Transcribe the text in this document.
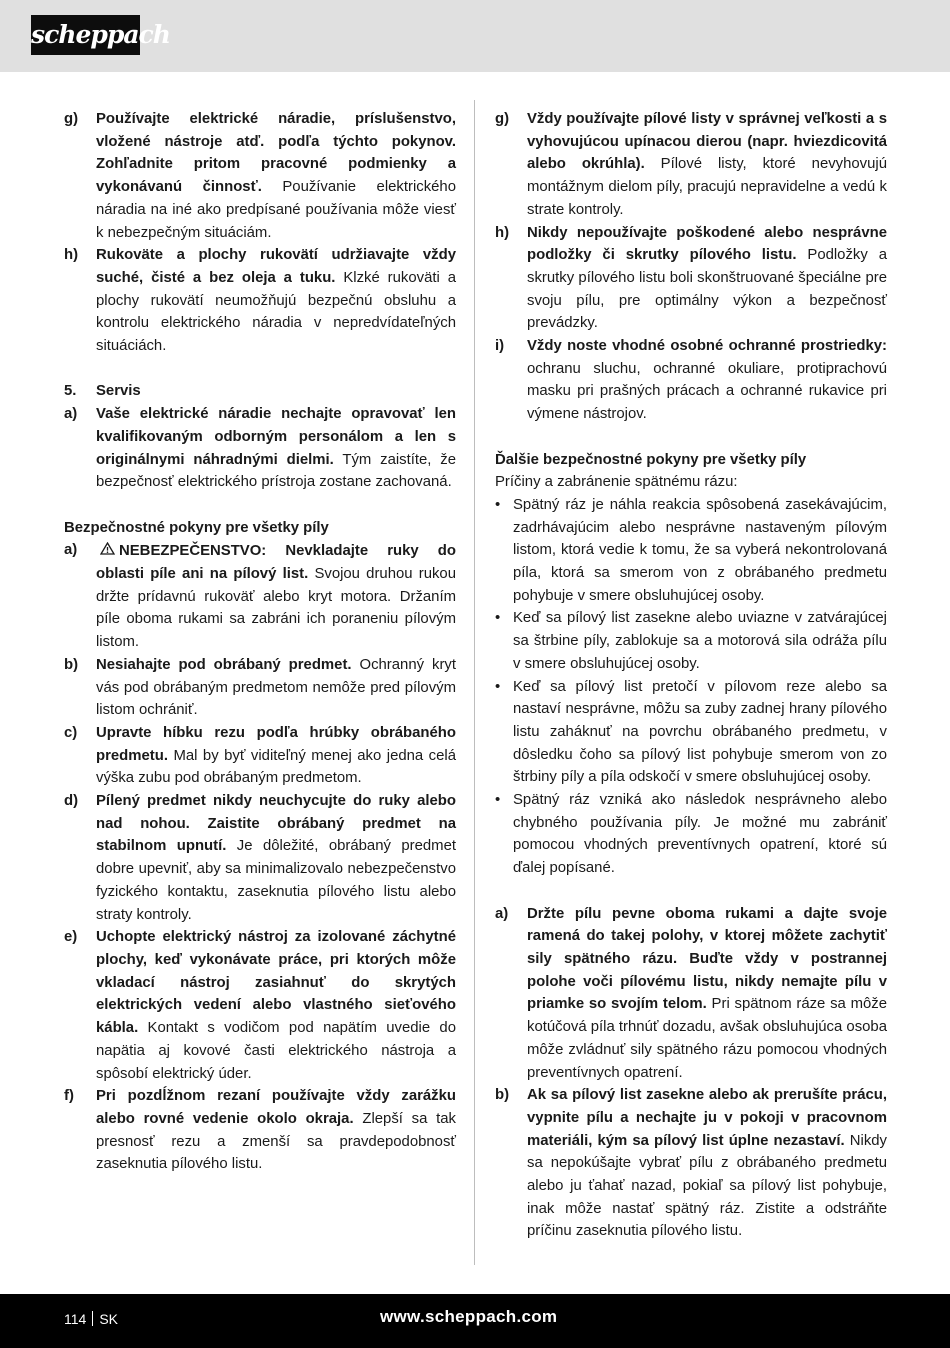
scheppach
g) Používajte elektrické náradie, príslušenstvo, vložené nástroje atď. podľa týchto pokynov. Zohľadnite pritom pracovné podmienky a vykonávanú činnosť. Používanie elektrického náradia na iné ako predpísané používania môže viesť k nebezpečným situáciám.
h) Rukoväte a plochy rukovätí udržiavajte vždy suché, čisté a bez oleja a tuku. Klzké rukoväti a plochy rukovätí neumožňujú bezpečnú obsluhu a kontrolu elektrického náradia v nepredvídateľných situáciách.
5. Servis
a) Vaše elektrické náradie nechajte opravovať len kvalifikovaným odborným personálom a len s originálnymi náhradnými dielmi. Tým zaistíte, že bezpečnosť elektrického prístroja zostane zachovaná.
Bezpečnostné pokyny pre všetky píly
a)	NEBEZPEČENSTVO: Nevkladajte ruky do oblasti píle ani na pílový list. Svojou druhou rukou držte prídavnú rukoväť alebo kryt motora. Držaním píle oboma rukami sa zabráni ich poraneniu pílovým listom.
b) Nesiahajte pod obrábaný predmet. Ochranný kryt vás pod obrábaným predmetom nemôže pred pílovým listom ochrániť.
c) Upravte híbku rezu podľa hrúbky obrábaného predmetu. Mal by byť viditeľný menej ako jedna celá výška zubu pod obrábaným predmetom.
d) Pílený predmet nikdy neuchycujte do ruky alebo nad nohou. Zaistite obrábaný predmet na stabilnom upnutí. Je dôležité, obrábaný predmet dobre upevniť, aby sa minimalizovalo nebezpečenstvo fyzického kontaktu, zaseknutia pílového listu alebo straty kontroly.
e) Uchopte elektrický nástroj za izolované záchytné plochy, keď vykonávate práce, pri ktorých môže vkladací nástroj zasiahnuť do skrytých elektrických vedení alebo vlastného sieťového kábla. Kontakt s vodičom pod napätím uvedie do napätia aj kovové časti elektrického nástroja a spôsobí elektrický úder.
f) Pri pozdĺžnom rezaní používajte vždy zarážku alebo rovné vedenie okolo okraja. Zlepší sa tak presnosť rezu a zmenší sa pravdepodobnosť zaseknutia pílového listu.
g) Vždy používajte pílové listy v správnej veľkosti a s vyhovujúcou upínacou dierou (napr. hviezdicovitá alebo okrúhla). Pílové listy, ktoré nevyhovujú montážnym dielom píly, pracujú nepravidelne a vedú k strate kontroly.
h) Nikdy nepoužívajte poškodené alebo nesprávne podložky či skrutky pílového listu. Podložky a skrutky pílového listu boli skonštruované špeciálne pre svoju pílu, pre optimálny výkon a bezpečnosť prevádzky.
i) Vždy noste vhodné osobné ochranné prostriedky: ochranu sluchu, ochranné okuliare, protiprachovú masku pri prašných prácach a ochranné rukavice pri výmene nástrojov.
Ďalšie bezpečnostné pokyny pre všetky píly
Príčiny a zabránenie spätnému rázu:
• Spätný ráz je náhla reakcia spôsobená zasekávajúcim, zadrhávajúcim alebo nesprávne nastaveným pílovým listom, ktorá vedie k tomu, že sa vyberá nekontrolovaná píla, ktorá sa smerom von z obrábaného predmetu pohybuje v smere obsluhujúcej osoby.
• Keď sa pílový list zasekne alebo uviazne v zatvárajúcej sa štrbine píly, zablokuje sa a motorová sila odráža pílu v smere obsluhujúcej osoby.
• Keď sa pílový list pretočí v pílovom reze alebo sa nastaví nesprávne, môžu sa zuby zadnej hrany pílového listu zaháknuť na povrchu obrábaného predmetu, v dôsledku čoho sa pílový list pohybuje smerom von zo štrbiny píly a píla odskočí v smere obsluhujúcej osoby.
• Spätný ráz vzniká ako následok nesprávneho alebo chybného používania píly. Je možné mu zabrániť pomocou vhodných preventívnych opatrení, ktoré sú ďalej popísané.
a) Držte pílu pevne oboma rukami a dajte svoje ramená do takej polohy, v ktorej môžete zachytiť sily spätného rázu. Buďte vždy v postrannej polohe voči pílovému listu, nikdy nemajte pílu v priamke so svojím telom. Pri spätnom ráze sa môže kotúčová píla trhnúť dozadu, avšak obsluhujúca osoba môže zvládnuť sily spätného rázu pomocou vhodných preventívnych opatrení.
b) Ak sa pílový list zasekne alebo ak prerušíte prácu, vypnite pílu a nechajte ju v pokoji v pracovnom materiáli, kým sa pílový list úplne nezastaví. Nikdy sa nepokúšajte vybrať pílu z obrábaného predmetu alebo ju ťahať nazad, pokiaľ sa pílový list pohybuje, inak môže nastať spätný ráz. Zistite a odstráňte príčinu zaseknutia pílového listu.
114 SK	www.scheppach.com
